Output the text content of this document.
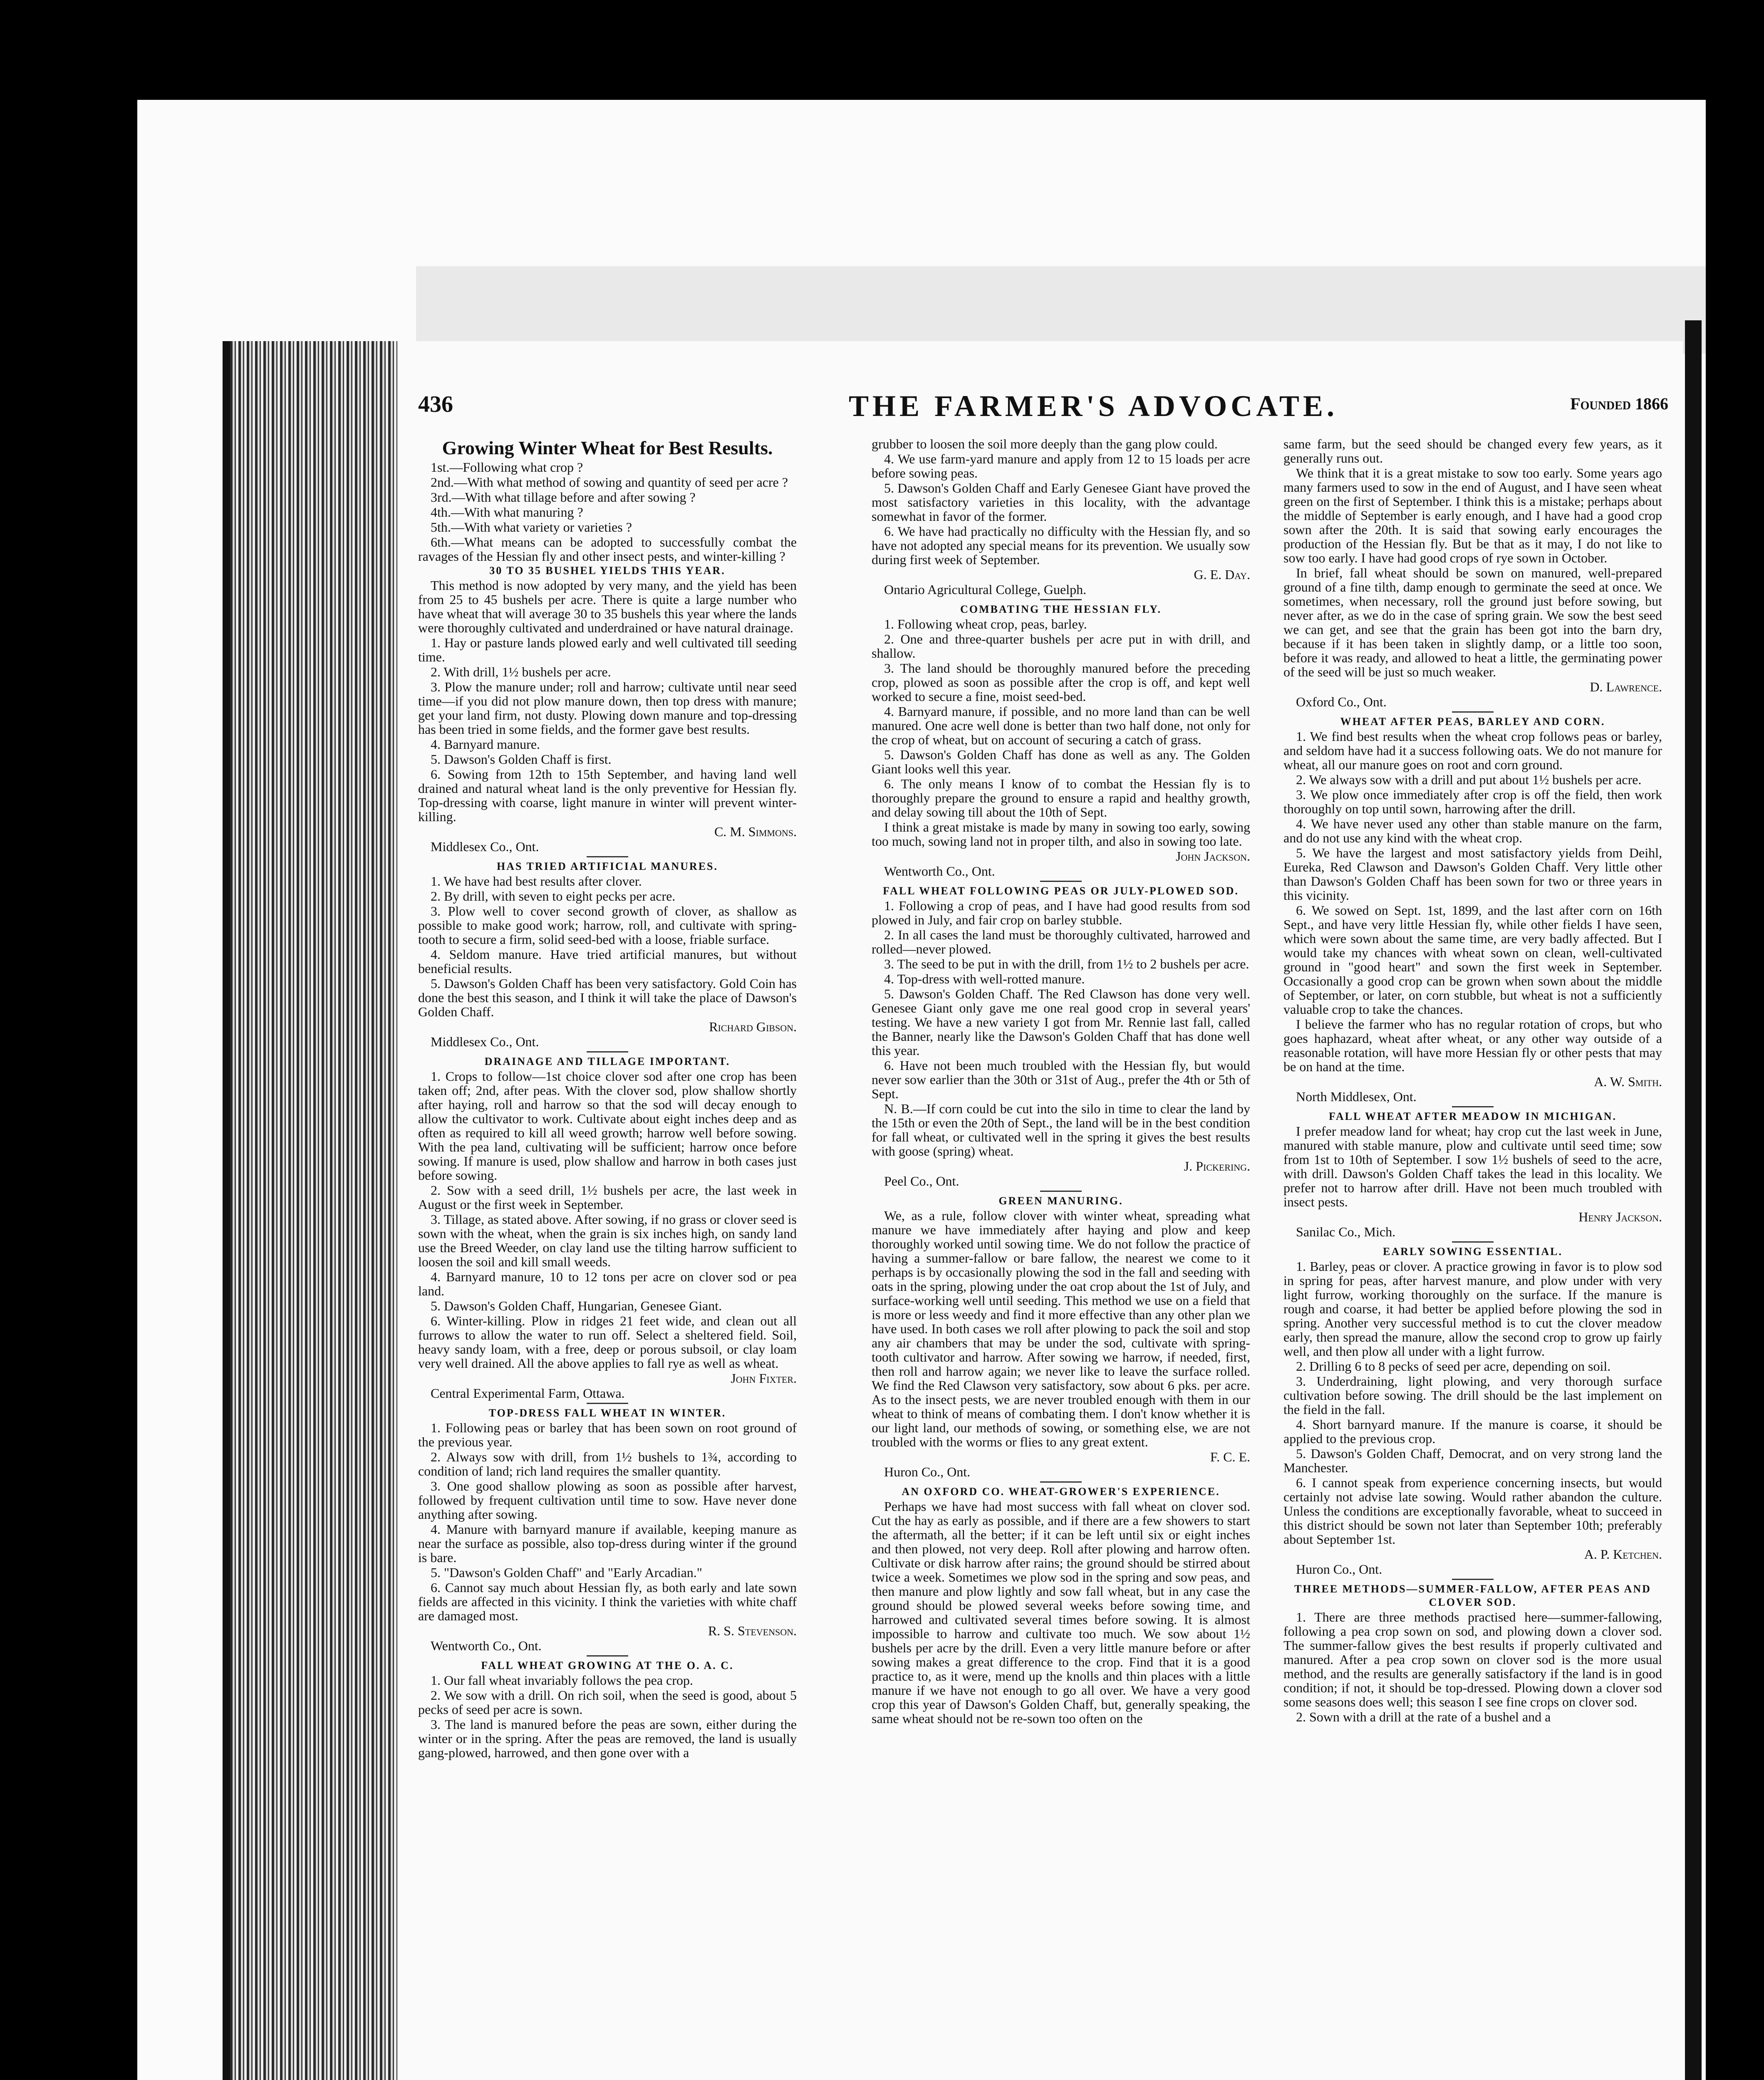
436	THE FARMER'S ADVOCATE.	Founded 1866

Growing Winter Wheat for Best Results.

1st.—Following what crop ?

2nd.—With what method of sowing and quantity of seed per acre ?

3rd.—With what tillage before and after sowing ?

4th.—With what manuring ?

5th.—With what variety or varieties ?

6th.—What means can be adopted to successfully combat the ravages of the Hessian fly and other insect pests, and winter-killing ?

30 TO 35 BUSHEL YIELDS THIS YEAR.

This method is now adopted by very many, and the yield has been from 25 to 45 bushels per acre. There is quite a large number who have wheat that will average 30 to 35 bushels this year where the lands were thoroughly cultivated and underdrained or have natural drainage.

1. Hay or pasture lands plowed early and well cultivated till seeding time.

2. With drill, 1½ bushels per acre.

3. Plow the manure under; roll and harrow; cultivate until near seed time—if you did not plow manure down, then top dress with manure; get your land firm, not dusty. Plowing down manure and top-dressing has been tried in some fields, and the former gave best results.

4. Barnyard manure.

5. Dawson's Golden Chaff is first.

6. Sowing from 12th to 15th September, and having land well drained and natural wheat land is the only preventive for Hessian fly. Top-dressing with coarse, light manure in winter will prevent winter-killing.

C. M. Simmons.

Middlesex Co., Ont.

HAS TRIED ARTIFICIAL MANURES.

1. We have had best results after clover.

2. By drill, with seven to eight pecks per acre.

3. Plow well to cover second growth of clover, as shallow as possible to make good work; harrow, roll, and cultivate with spring-tooth to secure a firm, solid seed-bed with a loose, friable surface.

4. Seldom manure. Have tried artificial manures, but without beneficial results.

5. Dawson's Golden Chaff has been very satisfactory. Gold Coin has done the best this season, and I think it will take the place of Dawson's Golden Chaff.

Richard Gibson.

Middlesex Co., Ont.

DRAINAGE AND TILLAGE IMPORTANT.

1. Crops to follow—1st choice clover sod after one crop has been taken off; 2nd, after peas. With the clover sod, plow shallow shortly after haying, roll and harrow so that the sod will decay enough to allow the cultivator to work. Cultivate about eight inches deep and as often as required to kill all weed growth; harrow well before sowing. With the pea land, cultivating will be sufficient; harrow once before sowing. If manure is used, plow shallow and harrow in both cases just before sowing.

2. Sow with a seed drill, 1½ bushels per acre, the last week in August or the first week in September.

3. Tillage, as stated above. After sowing, if no grass or clover seed is sown with the wheat, when the grain is six inches high, on sandy land use the Breed Weeder, on clay land use the tilting harrow sufficient to loosen the soil and kill small weeds.

4. Barnyard manure, 10 to 12 tons per acre on clover sod or pea land.

5. Dawson's Golden Chaff, Hungarian, Genesee Giant.

6. Winter-killing. Plow in ridges 21 feet wide, and clean out all furrows to allow the water to run off. Select a sheltered field. Soil, heavy sandy loam, with a free, deep or porous subsoil, or clay loam very well drained. All the above applies to fall rye as well as wheat.

John Fixter.

Central Experimental Farm, Ottawa.

TOP-DRESS FALL WHEAT IN WINTER.

1. Following peas or barley that has been sown on root ground of the previous year.

2. Always sow with drill, from 1½ bushels to 1¾, according to condition of land; rich land requires the smaller quantity.

3. One good shallow plowing as soon as possible after harvest, followed by frequent cultivation until time to sow. Have never done anything after sowing.

4. Manure with barnyard manure if available, keeping manure as near the surface as possible, also top-dress during winter if the ground is bare.

5. "Dawson's Golden Chaff" and "Early Arcadian."

6. Cannot say much about Hessian fly, as both early and late sown fields are affected in this vicinity. I think the varieties with white chaff are damaged most.

R. S. Stevenson.

Wentworth Co., Ont.

FALL WHEAT GROWING AT THE O. A. C.

1. Our fall wheat invariably follows the pea crop.

2. We sow with a drill. On rich soil, when the seed is good, about 5 pecks of seed per acre is sown.

3. The land is manured before the peas are sown, either during the winter or in the spring. After the peas are removed, the land is usually gang-plowed, harrowed, and then gone over with a

grubber to loosen the soil more deeply than the gang plow could.

4. We use farm-yard manure and apply from 12 to 15 loads per acre before sowing peas.

5. Dawson's Golden Chaff and Early Genesee Giant have proved the most satisfactory varieties in this locality, with the advantage somewhat in favor of the former.

6. We have had practically no difficulty with the Hessian fly, and so have not adopted any special means for its prevention. We usually sow during first week of September.

G. E. Day.

Ontario Agricultural College, Guelph.

COMBATING THE HESSIAN FLY.

1. Following wheat crop, peas, barley.

2. One and three-quarter bushels per acre put in with drill, and shallow.

3. The land should be thoroughly manured before the preceding crop, plowed as soon as possible after the crop is off, and kept well worked to secure a fine, moist seed-bed.

4. Barnyard manure, if possible, and no more land than can be well manured. One acre well done is better than two half done, not only for the crop of wheat, but on account of securing a catch of grass.

5. Dawson's Golden Chaff has done as well as any. The Golden Giant looks well this year.

6. The only means I know of to combat the Hessian fly is to thoroughly prepare the ground to ensure a rapid and healthy growth, and delay sowing till about the 10th of Sept.

I think a great mistake is made by many in sowing too early, sowing too much, sowing land not in proper tilth, and also in sowing too late.

John Jackson.

Wentworth Co., Ont.

FALL WHEAT FOLLOWING PEAS OR JULY-PLOWED SOD.

1. Following a crop of peas, and I have had good results from sod plowed in July, and fair crop on barley stubble.

2. In all cases the land must be thoroughly cultivated, harrowed and rolled—never plowed.

3. The seed to be put in with the drill, from 1½ to 2 bushels per acre.

4. Top-dress with well-rotted manure.

5. Dawson's Golden Chaff. The Red Clawson has done very well. Genesee Giant only gave me one real good crop in several years' testing. We have a new variety I got from Mr. Rennie last fall, called the Banner, nearly like the Dawson's Golden Chaff that has done well this year.

6. Have not been much troubled with the Hessian fly, but would never sow earlier than the 30th or 31st of Aug., prefer the 4th or 5th of Sept.

N. B.—If corn could be cut into the silo in time to clear the land by the 15th or even the 20th of Sept., the land will be in the best condition for fall wheat, or cultivated well in the spring it gives the best results with goose (spring) wheat.

J. Pickering.

Peel Co., Ont.

GREEN MANURING.

We, as a rule, follow clover with winter wheat, spreading what manure we have immediately after haying and plow and keep thoroughly worked until sowing time. We do not follow the practice of having a summer-fallow or bare fallow, the nearest we come to it perhaps is by occasionally plowing the sod in the fall and seeding with oats in the spring, plowing under the oat crop about the 1st of July, and surface-working well until seeding. This method we use on a field that is more or less weedy and find it more effective than any other plan we have used. In both cases we roll after plowing to pack the soil and stop any air chambers that may be under the sod, cultivate with spring-tooth cultivator and harrow. After sowing we harrow, if needed, first, then roll and harrow again; we never like to leave the surface rolled. We find the Red Clawson very satisfactory, sow about 6 pks. per acre. As to the insect pests, we are never troubled enough with them in our wheat to think of means of combating them. I don't know whether it is our light land, our methods of sowing, or something else, we are not troubled with the worms or flies to any great extent.

F. C. E.

Huron Co., Ont.

AN OXFORD CO. WHEAT-GROWER'S EXPERIENCE.

Perhaps we have had most success with fall wheat on clover sod. Cut the hay as early as possible, and if there are a few showers to start the aftermath, all the better; if it can be left until six or eight inches and then plowed, not very deep. Roll after plowing and harrow often. Cultivate or disk harrow after rains; the ground should be stirred about twice a week. Sometimes we plow sod in the spring and sow peas, and then manure and plow lightly and sow fall wheat, but in any case the ground should be plowed several weeks before sowing time, and harrowed and cultivated several times before sowing. It is almost impossible to harrow and cultivate too much. We sow about 1½ bushels per acre by the drill. Even a very little manure before or after sowing makes a great difference to the crop. Find that it is a good practice to, as it were, mend up the knolls and thin places with a little manure if we have not enough to go all over. We have a very good crop this year of Dawson's Golden Chaff, but, generally speaking, the same wheat should not be re-sown too often on the

same farm, but the seed should be changed every few years, as it generally runs out.

We think that it is a great mistake to sow too early. Some years ago many farmers used to sow in the end of August, and I have seen wheat green on the first of September. I think this is a mistake; perhaps about the middle of September is early enough, and I have had a good crop sown after the 20th. It is said that sowing early encourages the production of the Hessian fly. But be that as it may, I do not like to sow too early. I have had good crops of rye sown in October.

In brief, fall wheat should be sown on manured, well-prepared ground of a fine tilth, damp enough to germinate the seed at once. We sometimes, when necessary, roll the ground just before sowing, but never after, as we do in the case of spring grain. We sow the best seed we can get, and see that the grain has been got into the barn dry, because if it has been taken in slightly damp, or a little too soon, before it was ready, and allowed to heat a little, the germinating power of the seed will be just so much weaker.

D. Lawrence.

Oxford Co., Ont.

WHEAT AFTER PEAS, BARLEY AND CORN.

1. We find best results when the wheat crop follows peas or barley, and seldom have had it a success following oats. We do not manure for wheat, all our manure goes on root and corn ground.

2. We always sow with a drill and put about 1½ bushels per acre.

3. We plow once immediately after crop is off the field, then work thoroughly on top until sown, harrowing after the drill.

4. We have never used any other than stable manure on the farm, and do not use any kind with the wheat crop.

5. We have the largest and most satisfactory yields from Deihl, Eureka, Red Clawson and Dawson's Golden Chaff. Very little other than Dawson's Golden Chaff has been sown for two or three years in this vicinity.

6. We sowed on Sept. 1st, 1899, and the last after corn on 16th Sept., and have very little Hessian fly, while other fields I have seen, which were sown about the same time, are very badly affected. But I would take my chances with wheat sown on clean, well-cultivated ground in "good heart" and sown the first week in September. Occasionally a good crop can be grown when sown about the middle of September, or later, on corn stubble, but wheat is not a sufficiently valuable crop to take the chances.

I believe the farmer who has no regular rotation of crops, but who goes haphazard, wheat after wheat, or any other way outside of a reasonable rotation, will have more Hessian fly or other pests that may be on hand at the time.

A. W. Smith.

North Middlesex, Ont.

FALL WHEAT AFTER MEADOW IN MICHIGAN.

I prefer meadow land for wheat; hay crop cut the last week in June, manured with stable manure, plow and cultivate until seed time; sow from 1st to 10th of September. I sow 1½ bushels of seed to the acre, with drill. Dawson's Golden Chaff takes the lead in this locality. We prefer not to harrow after drill. Have not been much troubled with insect pests.

Henry Jackson.

Sanilac Co., Mich.

EARLY SOWING ESSENTIAL.

1. Barley, peas or clover. A practice growing in favor is to plow sod in spring for peas, after harvest manure, and plow under with very light furrow, working thoroughly on the surface. If the manure is rough and coarse, it had better be applied before plowing the sod in spring. Another very successful method is to cut the clover meadow early, then spread the manure, allow the second crop to grow up fairly well, and then plow all under with a light furrow.

2. Drilling 6 to 8 pecks of seed per acre, depending on soil.

3. Underdraining, light plowing, and very thorough surface cultivation before sowing. The drill should be the last implement on the field in the fall.

4. Short barnyard manure. If the manure is coarse, it should be applied to the previous crop.

5. Dawson's Golden Chaff, Democrat, and on very strong land the Manchester.

6. I cannot speak from experience concerning insects, but would certainly not advise late sowing. Would rather abandon the culture. Unless the conditions are exceptionally favorable, wheat to succeed in this district should be sown not later than September 10th; preferably about September 1st.

A. P. Ketchen.

Huron Co., Ont.

THREE METHODS—SUMMER-FALLOW, AFTER PEAS AND CLOVER SOD.

1. There are three methods practised here—summer-fallowing, following a pea crop sown on sod, and plowing down a clover sod. The summer-fallow gives the best results if properly cultivated and manured. After a pea crop sown on clover sod is the more usual method, and the results are generally satisfactory if the land is in good condition; if not, it should be top-dressed. Plowing down a clover sod some seasons does well; this season I see fine crops on clover sod.

2. Sown with a drill at the rate of a bushel and a
